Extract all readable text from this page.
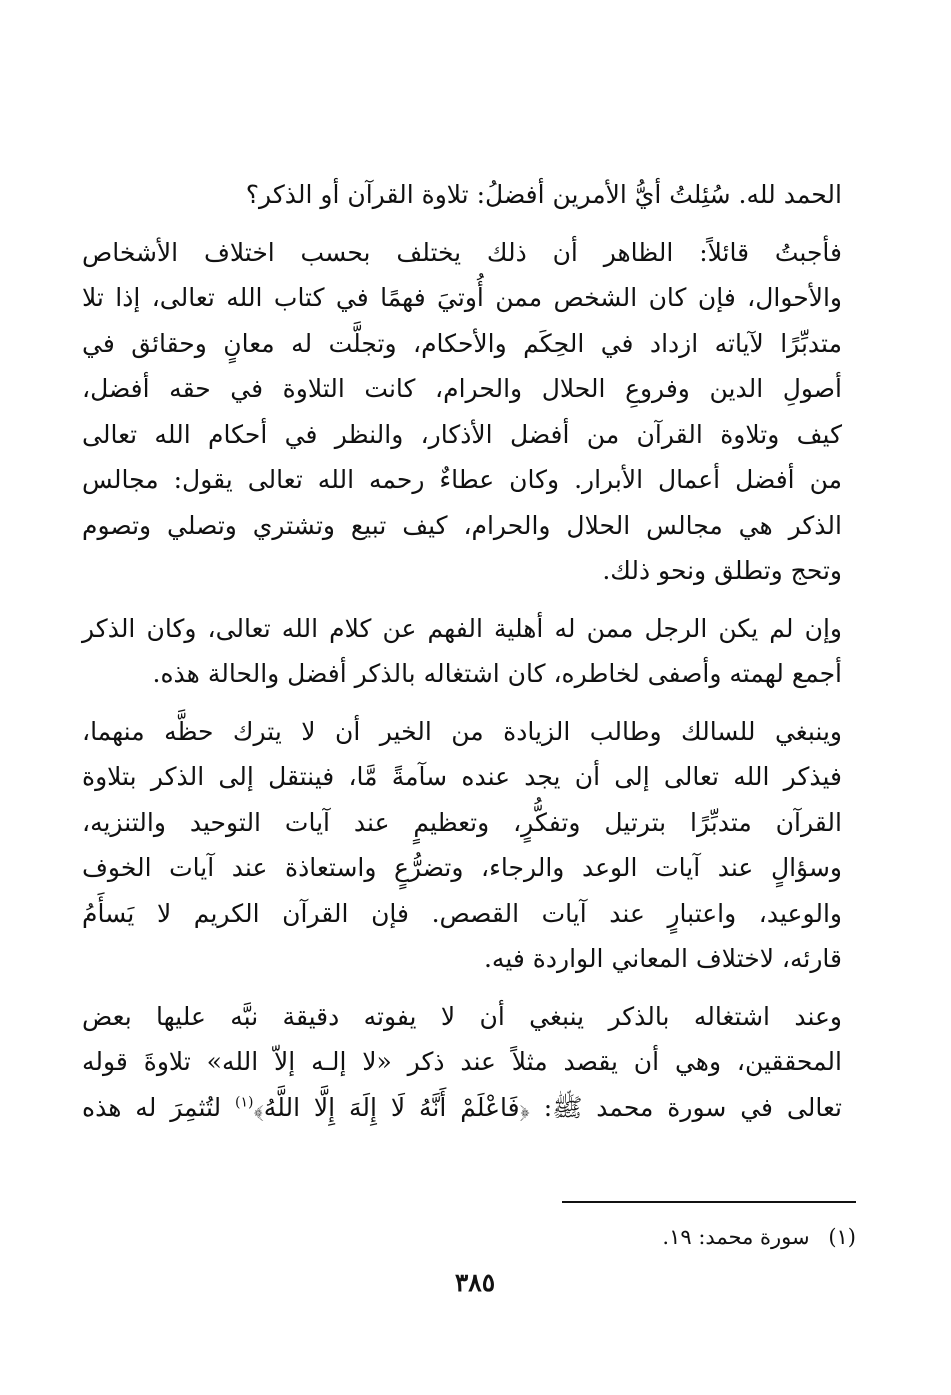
الحمد لله. سُئِلتُ أيُّ الأمرين أفضلُ: تلاوة القرآن أو الذكر؟

فأجبتُ قائلاً: الظاهر أن ذلك يختلف بحسب اختلاف الأشخاص
والأحوال، فإن كان الشخص ممن أُوتيَ فهمًا في كتاب الله تعالى، إذا تلا
متدبِّرًا لآياته ازداد في الحِكَم والأحكام، وتجلَّت له معانٍ وحقائق في
أصولِ الدين وفروعِ الحلال والحرام، كانت التلاوة في حقه أفضل،
كيف وتلاوة القرآن من أفضل الأذكار، والنظر في أحكام الله تعالى
من أفضل أعمال الأبرار. وكان عطاءٌ رحمه الله تعالى يقول: مجالس
الذكر هي مجالس الحلال والحرام، كيف تبيع وتشتري وتصلي وتصوم
وتحج وتطلق ونحو ذلك.

وإن لم يكن الرجل ممن له أهلية الفهم عن كلام الله تعالى، وكان الذكر
أجمع لهمته وأصفى لخاطره، كان اشتغاله بالذكر أفضل والحالة هذه.

وينبغي للسالك وطالب الزيادة من الخير أن لا يترك حظَّه منهما،
فيذكر الله تعالى إلى أن يجد عنده سآمةً مَّا، فينتقل إلى الذكر بتلاوة
القرآن متدبِّرًا بترتيل وتفكُّرٍ، وتعظيمٍ عند آيات التوحيد والتنزيه،
وسؤالٍ عند آيات الوعد والرجاء، وتضرُّعٍ واستعاذة عند آيات الخوف
والوعيد، واعتبارٍ عند آيات القصص. فإن القرآن الكريم لا يَسأَمُ
قارئه، لاختلاف المعاني الواردة فيه.

وعند اشتغاله بالذكر ينبغي أن لا يفوته دقيقة نبَّه عليها بعض
المحققين، وهي أن يقصد مثلاً عند ذكر «لا إلـه إلاّ الله» تلاوةَ قوله
تعالى في سورة محمد ﷺ: ﴿فَاعْلَمْ أَنَّهُ لَا إِلَهَ إِلَّا اللَّهُ﴾$^{(١)}$ لتُثمِرَ له هذه

(١) سورة محمد: ١٩.
٣٨٥
